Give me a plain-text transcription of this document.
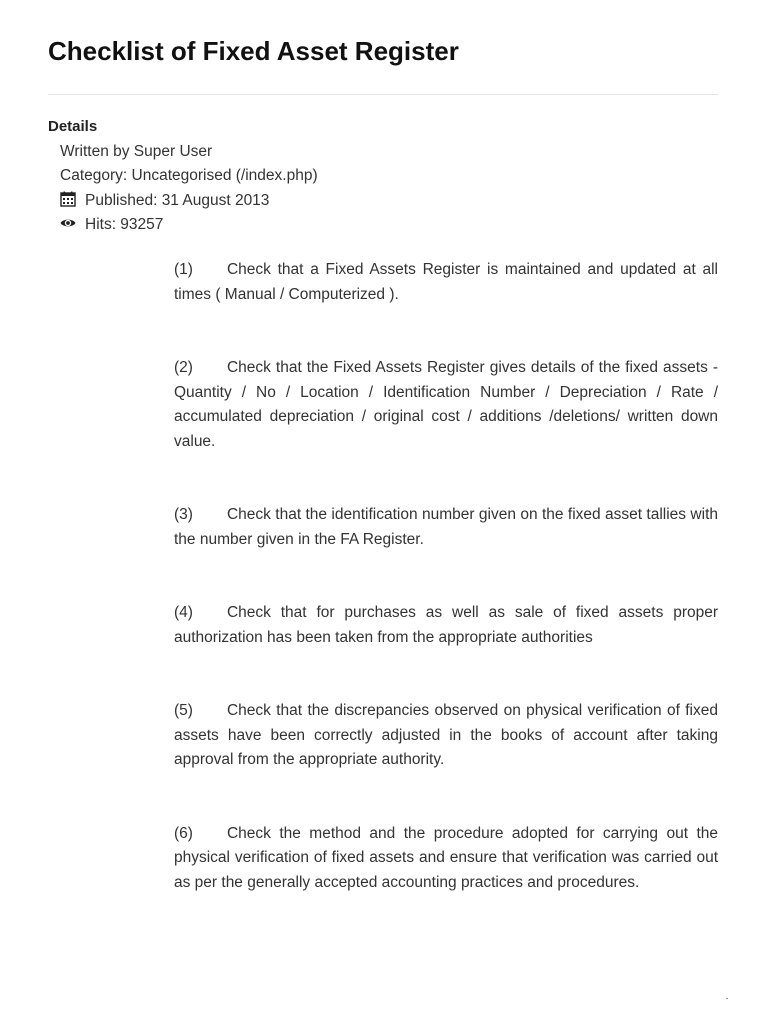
Checklist of Fixed Asset Register
Details
Written by Super User
Category: Uncategorised (/index.php)
Published: 31 August 2013
Hits: 93257

(1) Check that a Fixed Assets Register is maintained and updated at all times ( Manual / Computerized ).

(2) Check that the Fixed Assets Register gives details of the fixed assets - Quantity / No / Location / Identification Number / Depreciation / Rate / accumulated depreciation / original cost / additions /deletions/ written down value.

(3) Check that the identification number given on the fixed asset tallies with the number given in the FA Register.

(4) Check that for purchases as well as sale of fixed assets proper authorization has been taken from the appropriate authorities

(5) Check that the discrepancies observed on physical verification of fixed assets have been correctly adjusted in the books of account after taking approval from the appropriate authority.

(6) Check the method and the procedure adopted for carrying out the physical verification of fixed assets and ensure that verification was carried out as per the generally accepted accounting practices and procedures.
